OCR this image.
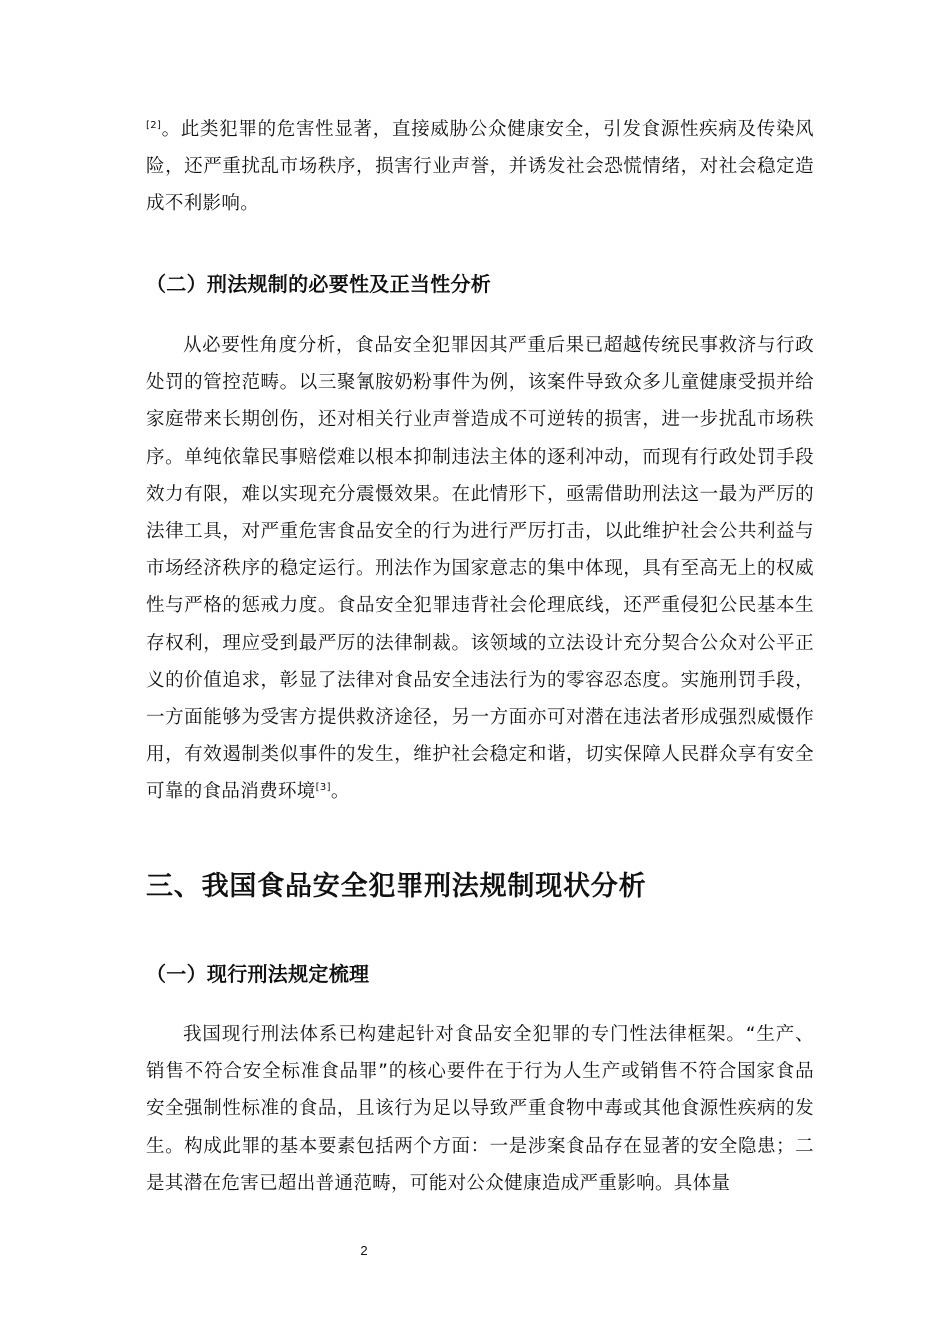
[2]。此类犯罪的危害性显著，直接威胁公众健康安全，引发食源性疾病及传染风险，还严重扰乱市场秩序，损害行业声誉，并诱发社会恐慌情绪，对社会稳定造成不利影响。

（二）刑法规制的必要性及正当性分析

从必要性角度分析，食品安全犯罪因其严重后果已超越传统民事救济与行政处罚的管控范畴。以三聚氰胺奶粉事件为例，该案件导致众多儿童健康受损并给家庭带来长期创伤，还对相关行业声誉造成不可逆转的损害，进一步扰乱市场秩序。单纯依靠民事赔偿难以根本抑制违法主体的逐利冲动，而现有行政处罚手段效力有限，难以实现充分震慑效果。在此情形下，亟需借助刑法这一最为严厉的法律工具，对严重危害食品安全的行为进行严厉打击，以此维护社会公共利益与市场经济秩序的稳定运行。刑法作为国家意志的集中体现，具有至高无上的权威性与严格的惩戒力度。食品安全犯罪违背社会伦理底线，还严重侵犯公民基本生存权利，理应受到最严厉的法律制裁。该领域的立法设计充分契合公众对公平正义的价值追求，彰显了法律对食品安全违法行为的零容忍态度。实施刑罚手段，一方面能够为受害方提供救济途径，另一方面亦可对潜在违法者形成强烈威慑作用，有效遏制类似事件的发生，维护社会稳定和谐，切实保障人民群众享有安全可靠的食品消费环境[3]。

三、我国食品安全犯罪刑法规制现状分析
（一）现行刑法规定梳理

我国现行刑法体系已构建起针对食品安全犯罪的专门性法律框架。“生产、销售不符合安全标准食品罪”的核心要件在于行为人生产或销售不符合国家食品安全强制性标准的食品，且该行为足以导致严重食物中毒或其他食源性疾病的发生。构成此罪的基本要素包括两个方面：一是涉案食品存在显著的安全隐患；二是其潜在危害已超出普通范畴，可能对公众健康造成严重影响。具体量

2
